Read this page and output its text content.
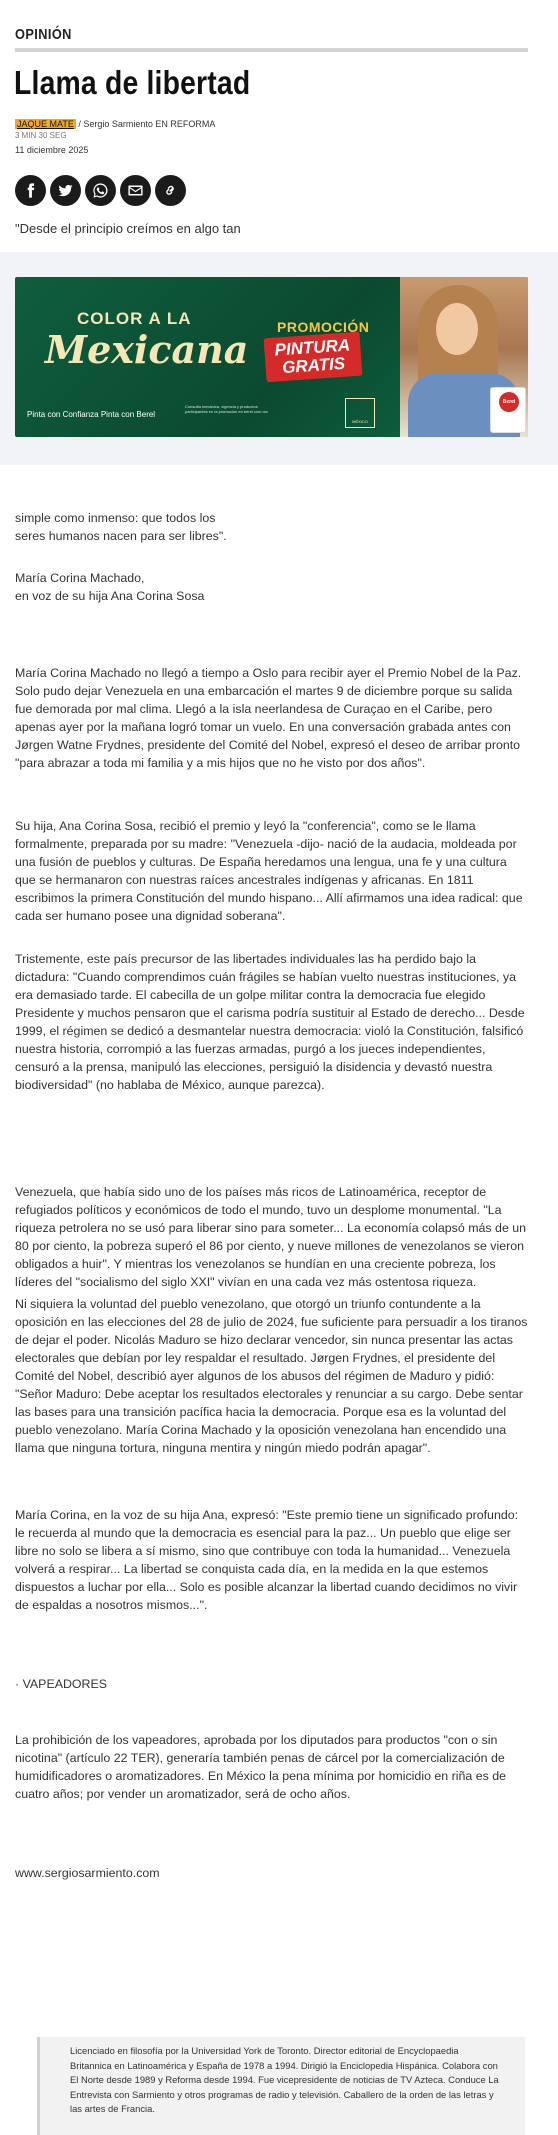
OPINIÓN
Llama de libertad
JAQUE MATE / Sergio Sarmiento EN REFORMA
3 MIN 30 SEG
11 diciembre 2025

"Desde el principio creímos en algo tan

COLOR A LA
Mexicana PROMOCIÓN
PINTURA GRATIS
Pinta con Confianza Pinta con Berel
Consulta mecánica, vigencia y productos participantes en la promoción en berel.com.mx
MÉXICO
Berel

simple como inmenso: que todos los

seres humanos nacen para ser libres".

María Corina Machado,

en voz de su hija Ana Corina Sosa

María Corina Machado no llegó a tiempo a Oslo para recibir ayer el Premio Nobel de la Paz. Solo pudo dejar Venezuela en una embarcación el martes 9 de diciembre porque su salida fue demorada por mal clima. Llegó a la isla neerlandesa de Curaçao en el Caribe, pero apenas ayer por la mañana logró tomar un vuelo. En una conversación grabada antes con Jørgen Watne Frydnes, presidente del Comité del Nobel, expresó el deseo de arribar pronto "para abrazar a toda mi familia y a mis hijos que no he visto por dos años".
Su hija, Ana Corina Sosa, recibió el premio y leyó la "conferencia", como se le llama formalmente, preparada por su madre: "Venezuela -dijo- nació de la audacia, moldeada por una fusión de pueblos y culturas. De España heredamos una lengua, una fe y una cultura que se hermanaron con nuestras raíces ancestrales indígenas y africanas. En 1811 escribimos la primera Constitución del mundo hispano... Allí afirmamos una idea radical: que cada ser humano posee una dignidad soberana".
Tristemente, este país precursor de las libertades individuales las ha perdido bajo la dictadura: "Cuando comprendimos cuán frágiles se habían vuelto nuestras instituciones, ya era demasiado tarde. El cabecilla de un golpe militar contra la democracia fue elegido Presidente y muchos pensaron que el carisma podría sustituir al Estado de derecho... Desde 1999, el régimen se dedicó a desmantelar nuestra democracia: violó la Constitución, falsificó nuestra historia, corrompió a las fuerzas armadas, purgó a los jueces independientes, censuró a la prensa, manipuló las elecciones, persiguió la disidencia y devastó nuestra biodiversidad" (no hablaba de México, aunque parezca).
Venezuela, que había sido uno de los países más ricos de Latinoamérica, receptor de refugiados políticos y económicos de todo el mundo, tuvo un desplome monumental. "La riqueza petrolera no se usó para liberar sino para someter... La economía colapsó más de un 80 por ciento, la pobreza superó el 86 por ciento, y nueve millones de venezolanos se vieron obligados a huir". Y mientras los venezolanos se hundían en una creciente pobreza, los líderes del "socialismo del siglo XXI" vivían en una cada vez más ostentosa riqueza.
Ni siquiera la voluntad del pueblo venezolano, que otorgó un triunfo contundente a la oposición en las elecciones del 28 de julio de 2024, fue suficiente para persuadir a los tiranos de dejar el poder. Nicolás Maduro se hizo declarar vencedor, sin nunca presentar las actas electorales que debían por ley respaldar el resultado. Jørgen Frydnes, el presidente del Comité del Nobel, describió ayer algunos de los abusos del régimen de Maduro y pidió: "Señor Maduro: Debe aceptar los resultados electorales y renunciar a su cargo. Debe sentar las bases para una transición pacífica hacia la democracia. Porque esa es la voluntad del pueblo venezolano. María Corina Machado y la oposición venezolana han encendido una llama que ninguna tortura, ninguna mentira y ningún miedo podrán apagar".
María Corina, en la voz de su hija Ana, expresó: "Este premio tiene un significado profundo: le recuerda al mundo que la democracia es esencial para la paz... Un pueblo que elige ser libre no solo se libera a sí mismo, sino que contribuye con toda la humanidad... Venezuela volverá a respirar... La libertad se conquista cada día, en la medida en la que estemos dispuestos a luchar por ella... Solo es posible alcanzar la libertad cuando decidimos no vivir de espaldas a nosotros mismos...".
· VAPEADORES
La prohibición de los vapeadores, aprobada por los diputados para productos "con o sin nicotina" (artículo 22 TER), generaría también penas de cárcel por la comercialización de humidificadores o aromatizadores. En México la pena mínima por homicidio en riña es de cuatro años; por vender un aromatizador, será de ocho años.
www.sergiosarmiento.com
Licenciado en filosofía por la Universidad York de Toronto. Director editorial de Encyclopaedia Britannica en Latinoamérica y España de 1978 a 1994. Dirigió la Enciclopedia Hispánica. Colabora con El Norte desde 1989 y Reforma desde 1994. Fue vicepresidente de noticias de TV Azteca. Conduce La Entrevista con Sarmiento y otros programas de radio y televisión. Caballero de la orden de las letras y las artes de Francia.
